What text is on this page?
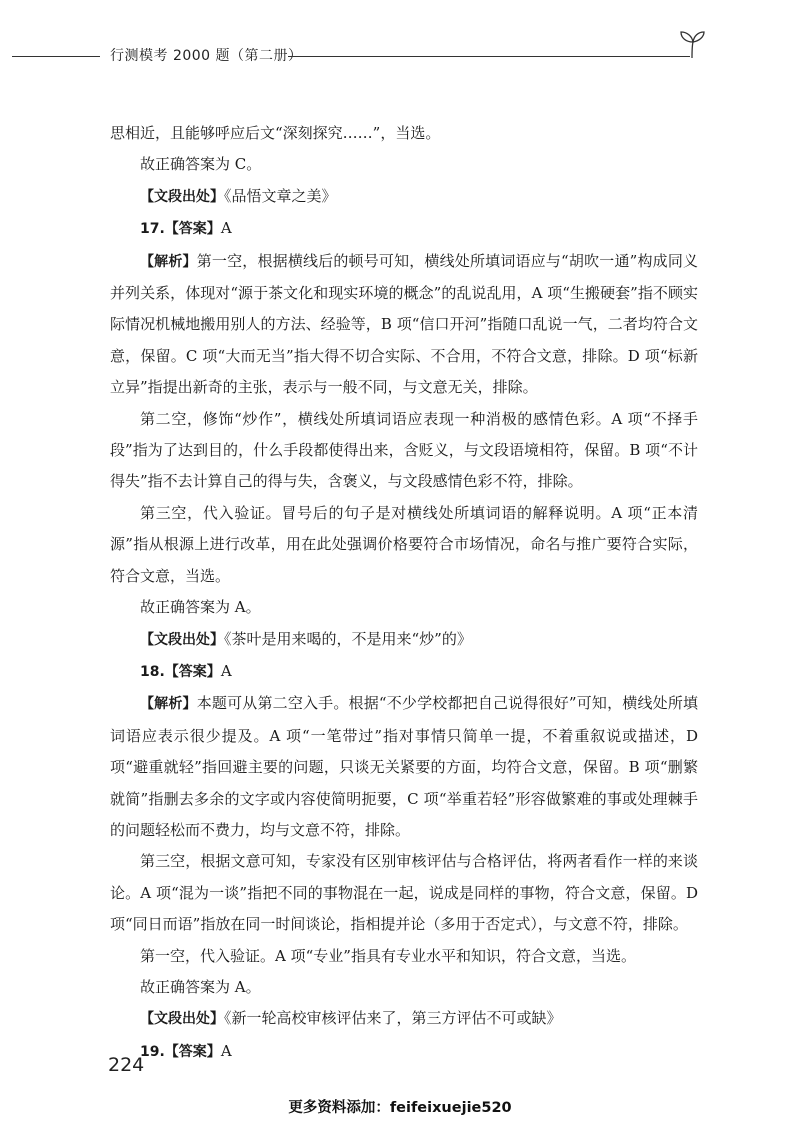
行测模考 2000 题（第二册）

思相近，且能够呼应后文“深刻探究……”，当选。

故正确答案为 C。

【文段出处】《品悟文章之美》

17.【答案】A

【解析】第一空，根据横线后的顿号可知，横线处所填词语应与“胡吹一通”构成同义并列关系，体现对“源于茶文化和现实环境的概念”的乱说乱用，A 项“生搬硬套”指不顾实际情况机械地搬用别人的方法、经验等，B 项“信口开河”指随口乱说一气，二者均符合文意，保留。C 项“大而无当”指大得不切合实际、不合用，不符合文意，排除。D 项“标新立异”指提出新奇的主张，表示与一般不同，与文意无关，排除。

第二空，修饰“炒作”，横线处所填词语应表现一种消极的感情色彩。A 项“不择手段”指为了达到目的，什么手段都使得出来，含贬义，与文段语境相符，保留。B 项“不计得失”指不去计算自己的得与失，含褒义，与文段感情色彩不符，排除。

第三空，代入验证。冒号后的句子是对横线处所填词语的解释说明。A 项“正本清源”指从根源上进行改革，用在此处强调价格要符合市场情况，命名与推广要符合实际，符合文意，当选。

故正确答案为 A。

【文段出处】《茶叶是用来喝的，不是用来“炒”的》

18.【答案】A

【解析】本题可从第二空入手。根据“不少学校都把自己说得很好”可知，横线处所填词语应表示很少提及。A 项“一笔带过”指对事情只简单一提，不着重叙说或描述，D 项“避重就轻”指回避主要的问题，只谈无关紧要的方面，均符合文意，保留。B 项“删繁就简”指删去多余的文字或内容使简明扼要，C 项“举重若轻”形容做繁难的事或处理棘手的问题轻松而不费力，均与文意不符，排除。

第三空，根据文意可知，专家没有区别审核评估与合格评估，将两者看作一样的来谈论。A 项“混为一谈”指把不同的事物混在一起，说成是同样的事物，符合文意，保留。D 项“同日而语”指放在同一时间谈论，指相提并论（多用于否定式），与文意不符，排除。

第一空，代入验证。A 项“专业”指具有专业水平和知识，符合文意，当选。

故正确答案为 A。

【文段出处】《新一轮高校审核评估来了，第三方评估不可或缺》

19.【答案】A

224
更多资料添加：feifeixuejie520
